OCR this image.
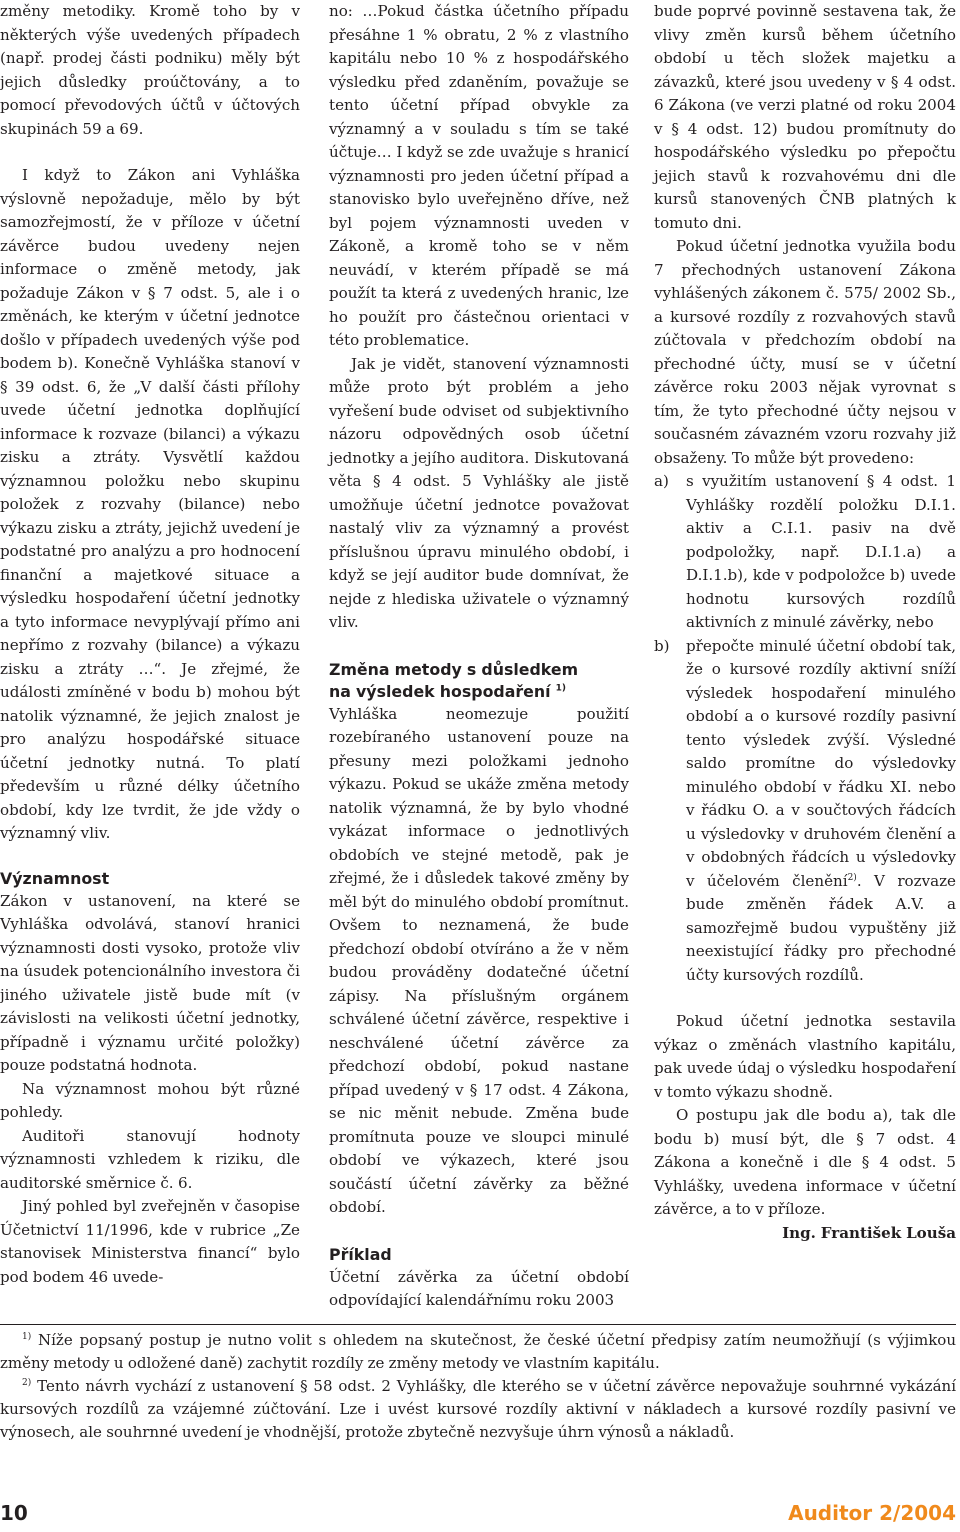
změny metodiky. Kromě toho by v některých výše uvedených případech (např. prodej části podniku) měly být jejich důsledky proúčtovány, a to pomocí převodových účtů v účtových skupinách 59 a 69.

I když to Zákon ani Vyhláška výslovně nepožaduje, mělo by být samozřejmostí, že v příloze v účetní závěrce budou uvedeny nejen informace o změně metody, jak požaduje Zákon v § 7 odst. 5, ale i o změnách, ke kterým v účetní jednotce došlo v případech uvedených výše pod bodem b). Konečně Vyhláška stanoví v § 39 odst. 6, že „V další části přílohy uvede účetní jednotka doplňující informace k rozvaze (bilanci) a výkazu zisku a ztráty. Vysvětlí každou významnou položku nebo skupinu položek z rozvahy (bilance) nebo výkazu zisku a ztráty, jejichž uvedení je podstatné pro analýzu a pro hodnocení finanční a majetkové situace a výsledku hospodaření účetní jednotky a tyto informace nevyplývají přímo ani nepřímo z rozvahy (bilance) a výkazu zisku a ztráty …“. Je zřejmé, že události zmíněné v bodu b) mohou být natolik významné, že jejich znalost je pro analýzu hospodářské situace účetní jednotky nutná. To platí především u různé délky účetního období, kdy lze tvrdit, že jde vždy o významný vliv.

Významnost

Zákon v ustanovení, na které se Vyhláška odvolává, stanoví hranici významnosti dosti vysoko, protože vliv na úsudek potencionálního investora či jiného uživatele jistě bude mít (v závislosti na velikosti účetní jednotky, případně i významu určité položky) pouze podstatná hodnota.

Na významnost mohou být různé pohledy.

Auditoři stanovují hodnoty významnosti vzhledem k riziku, dle auditorské směrnice č. 6.

Jiný pohled byl zveřejněn v časopise Účetnictví 11/1996, kde v rubrice „Ze stanovisek Ministerstva financí“ bylo pod bodem 46 uvede-

no: …Pokud částka účetního případu přesáhne 1 % obratu, 2 % z vlastního kapitálu nebo 10 % z hospodářského výsledku před zdaněním, považuje se tento účetní případ obvykle za významný a v souladu s tím se také účtuje… I když se zde uvažuje s hranicí významnosti pro jeden účetní případ a stanovisko bylo uveřejněno dříve, než byl pojem významnosti uveden v Zákoně, a kromě toho se v něm neuvádí, v kterém případě se má použít ta která z uvedených hranic, lze ho použít pro částečnou orientaci v této problematice.

Jak je vidět, stanovení významnosti může proto být problém a jeho vyřešení bude odviset od subjektivního názoru odpovědných osob účetní jednotky a jejího auditora. Diskutovaná věta § 4 odst. 5 Vyhlášky ale jistě umožňuje účetní jednotce považovat nastalý vliv za významný a provést příslušnou úpravu minulého období, i když se její auditor bude domnívat, že nejde z hlediska uživatele o významný vliv.

Změna metody s důsledkem
na výsledek hospodaření $^{1)}$

Vyhláška neomezuje použití rozebíraného ustanovení pouze na přesuny mezi položkami jednoho výkazu. Pokud se ukáže změna metody natolik významná, že by bylo vhodné vykázat informace o jednotlivých obdobích ve stejné metodě, pak je zřejmé, že i důsledek takové změny by měl být do minulého období promítnut. Ovšem to neznamená, že bude předchozí období otvíráno a že v něm budou prováděny dodatečné účetní zápisy. Na příslušným orgánem schválené účetní závěrce, respektive i neschválené účetní závěrce za předchozí období, pokud nastane případ uvedený v § 17 odst. 4 Zákona, se nic měnit nebude. Změna bude promítnuta pouze ve sloupci minulé období ve výkazech, které jsou součástí účetní závěrky za běžné období.

Příklad

Účetní závěrka za účetní období odpovídající kalendářnímu roku 2003

bude poprvé povinně sestavena tak, že vlivy změn kursů během účetního období u těch složek majetku a závazků, které jsou uvedeny v § 4 odst. 6 Zákona (ve verzi platné od roku 2004 v § 4 odst. 12) budou promítnuty do hospodářského výsledku po přepočtu jejich stavů k rozvahovému dni dle kursů stanovených ČNB platných k tomuto dni.

Pokud účetní jednotka využila bodu 7 přechodných ustanovení Zákona vyhlášených zákonem č. 575/ 2002 Sb., a kursové rozdíly z rozvahových stavů zúčtovala v předchozím období na přechodné účty, musí se v účetní závěrce roku 2003 nějak vyrovnat s tím, že tyto přechodné účty nejsou v současném závazném vzoru rozvahy již obsaženy. To může být provedeno:

a) s využitím ustanovení § 4 odst. 1 Vyhlášky rozdělí položku D.I.1. aktiv a C.I.1. pasiv na dvě podpoložky, např. D.I.1.a) a D.I.1.b), kde v podpoložce b) uvede hodnotu kursových rozdílů aktivních z minulé závěrky, nebo
b) přepočte minulé účetní období tak, že o kursové rozdíly aktivní sníží výsledek hospodaření minulého období a o kursové rozdíly pasivní tento výsledek zvýší. Výsledné saldo promítne do výsledovky minulého období v řádku XI. nebo v řádku O. a v součtových řádcích u výsledovky v druhovém členění a v obdobných řádcích u výsledovky v účelovém členění$^{2)}$. V rozvaze bude změněn řádek A.V. a samozřejmě budou vypuštěny již neexistující řádky pro přechodné účty kursových rozdílů.

Pokud účetní jednotka sestavila výkaz o změnách vlastního kapitálu, pak uvede údaj o výsledku hospodaření v tomto výkazu shodně.

O postupu jak dle bodu a), tak dle bodu b) musí být, dle § 7 odst. 4 Zákona a konečně i dle § 4 odst. 5 Vyhlášky, uvedena informace v účetní závěrce, a to v příloze.

Ing. František Louša

$^{1)}$ Níže popsaný postup je nutno volit s ohledem na skutečnost, že české účetní předpisy zatím neumožňují (s výjimkou změny metody u odložené daně) zachytit rozdíly ze změny metody ve vlastním kapitálu.

$^{2)}$ Tento návrh vychází z ustanovení § 58 odst. 2 Vyhlášky, dle kterého se v účetní závěrce nepovažuje souhrnné vykázání kursových rozdílů za vzájemné zúčtování. Lze i uvést kursové rozdíly aktivní v nákladech a kursové rozdíly pasivní ve výnosech, ale souhrnné uvedení je vhodnější, protože zbytečně nezvyšuje úhrn výnosů a nákladů.

10	Auditor 2/2004
